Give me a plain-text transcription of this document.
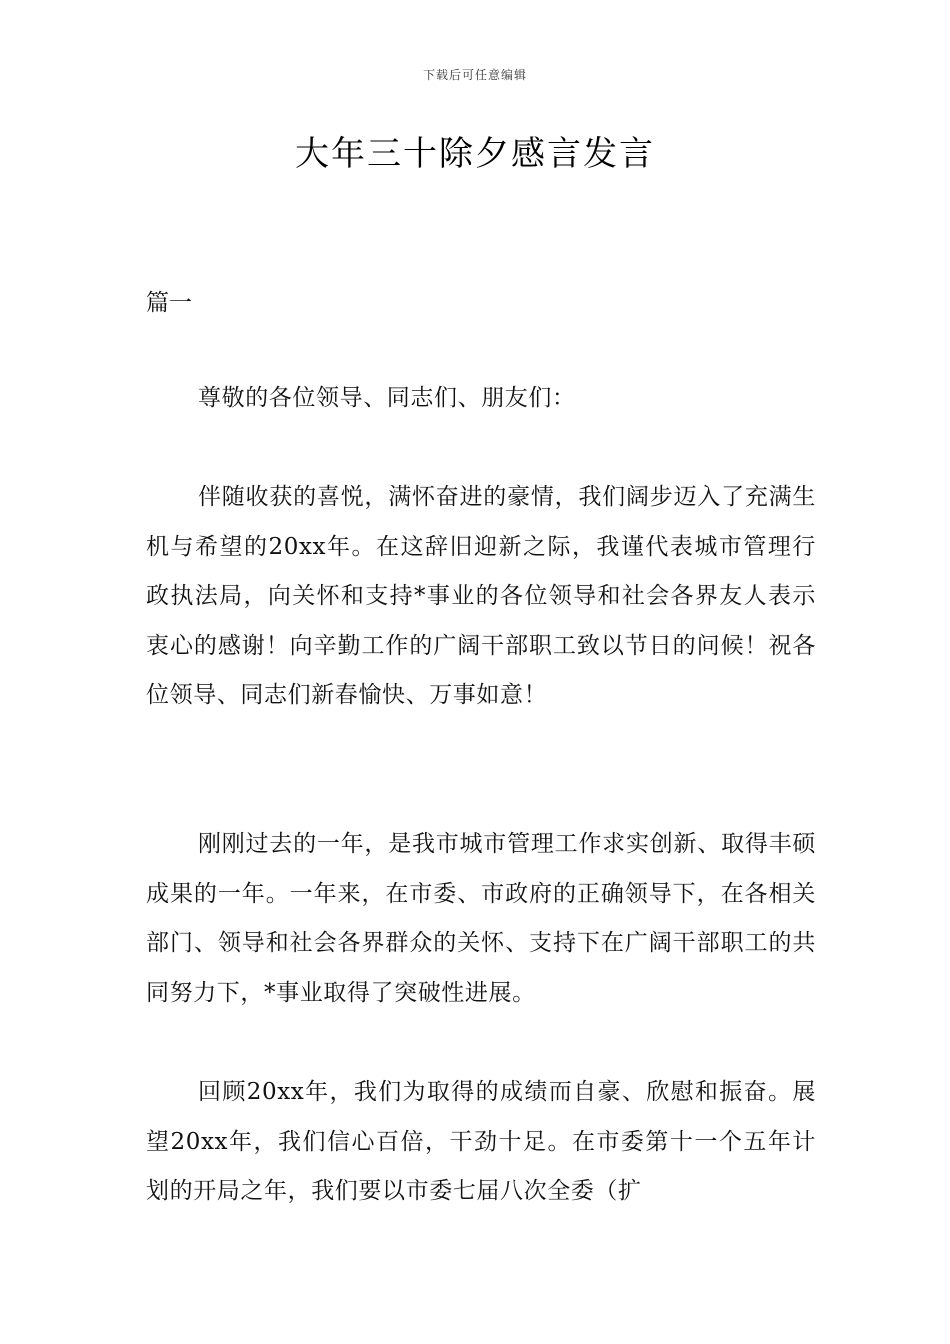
下载后可任意编辑
大年三十除夕感言发言
篇一

尊敬的各位领导、同志们、朋友们：

伴随收获的喜悦，满怀奋进的豪情，我们阔步迈入了充满生机与希望的20xx年。在这辞旧迎新之际，我谨代表城市管理行政执法局，向关怀和支持*事业的各位领导和社会各界友人表示衷心的感谢！向辛勤工作的广阔干部职工致以节日的问候！祝各位领导、同志们新春愉快、万事如意！

刚刚过去的一年，是我市城市管理工作求实创新、取得丰硕成果的一年。一年来，在市委、市政府的正确领导下，在各相关部门、领导和社会各界群众的关怀、支持下在广阔干部职工的共同努力下，*事业取得了突破性进展。

回顾20xx年，我们为取得的成绩而自豪、欣慰和振奋。展望20xx年，我们信心百倍，干劲十足。在市委第十一个五年计划的开局之年，我们要以市委七届八次全委（扩
